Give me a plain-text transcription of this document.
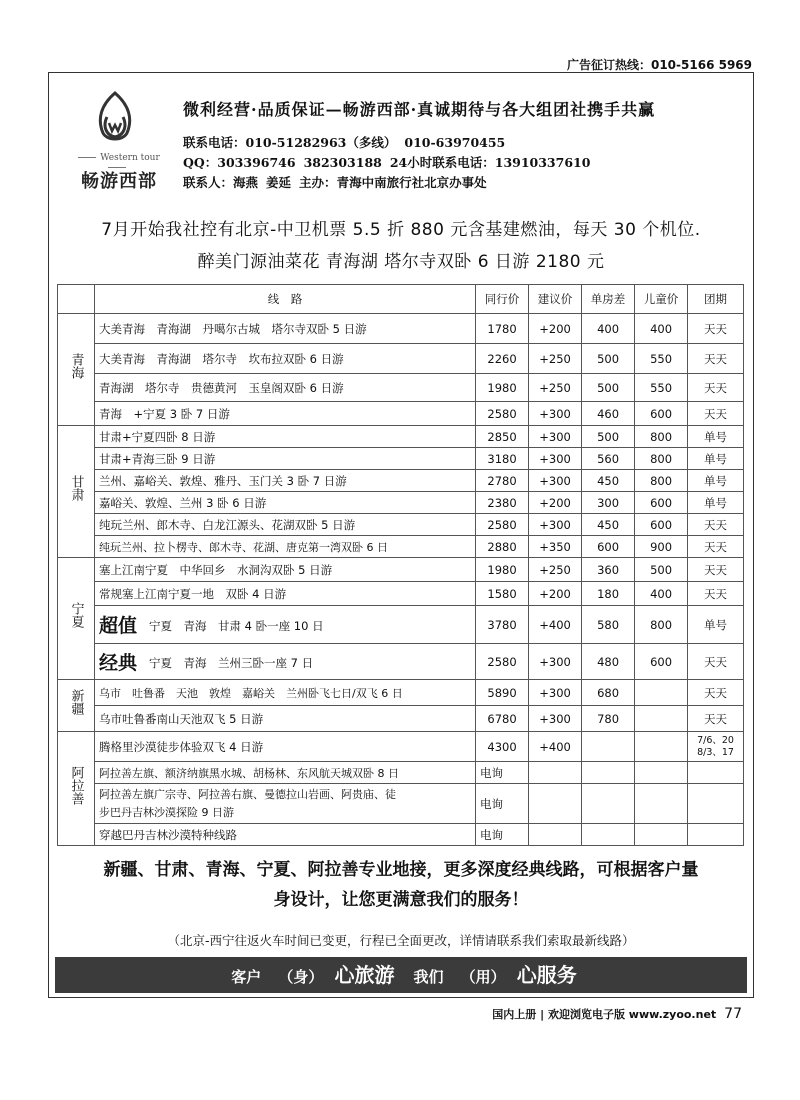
广告征订热线：010-5166 5969
Western tour
畅游西部
微利经营·品质保证—畅游西部·真诚期待与各大组团社携手共赢
联系电话：010-51282963（多线） 010-63970455
QQ：303396746 382303188 24小时联系电话：13910337610
联系人：海燕 姜延 主办：青海中南旅行社北京办事处
7月开始我社控有北京-中卫机票 5.5 折 880 元含基建燃油，每天 30 个机位.
醉美门源油菜花 青海湖 塔尔寺双卧 6 日游 2180 元
	线　路	同行价	建议价	单房差	儿童价	团期
青海	大美青海　青海湖　丹噶尔古城　塔尔寺双卧 5 日游	1780	+200	400	400	天天
	大美青海　青海湖　塔尔寺　坎布拉双卧 6 日游	2260	+250	500	550	天天
	青海湖　塔尔寺　贵德黄河　玉皇阁双卧 6 日游	1980	+250	500	550	天天
	青海　+宁夏 3 卧 7 日游	2580	+300	460	600	天天
甘肃	甘肃+宁夏四卧 8 日游	2850	+300	500	800	单号
	甘肃+青海三卧 9 日游	3180	+300	560	800	单号
	兰州、嘉峪关、敦煌、雅丹、玉门关 3 卧 7 日游	2780	+300	450	800	单号
	嘉峪关、敦煌、兰州 3 卧 6 日游	2380	+200	300	600	单号
	纯玩兰州、郎木寺、白龙江源头、花湖双卧 5 日游	2580	+300	450	600	天天
	纯玩兰州、拉卜楞寺、郎木寺、花湖、唐克第一湾双卧 6 日	2880	+350	600	900	天天
宁夏	塞上江南宁夏　中华回乡　水洞沟双卧 5 日游	1980	+250	360	500	天天
	常规塞上江南宁夏一地　双卧 4 日游	1580	+200	180	400	天天
	超值 宁夏　青海　甘肃 4 卧一座 10 日	3780	+400	580	800	单号
	经典 宁夏　青海　兰州三卧一座 7 日	2580	+300	480	600	天天
新疆	乌市　吐鲁番　天池　敦煌　嘉峪关　兰州卧飞七日/双飞 6 日	5890	+300	680		天天
	乌市吐鲁番南山天池双飞 5 日游	6780	+300	780		天天
阿拉善	腾格里沙漠徒步体验双飞 4 日游	4300	+400			7/6、20
8/3、17

	阿拉善左旗、额济纳旗黑水城、胡杨林、东风航天城双卧 8 日	电询				

	阿拉善左旗广宗寺、阿拉善右旗、曼德拉山岩画、阿贵庙、徒
步巴丹吉林沙漠探险 9 日游	电询				
	穿越巴丹吉林沙漠特种线路	电询				
新疆、甘肃、青海、宁夏、阿拉善专业地接，更多深度经典线路，可根据客户量
身设计，让您更满意我们的服务！
（北京-西宁往返火车时间已变更，行程已全面更改，详情请联系我们索取最新线路）
客户 （身） 心旅游 我们 （用） 心服务
国内上册 | 欢迎浏览电子版 www.zyoo.net 77
